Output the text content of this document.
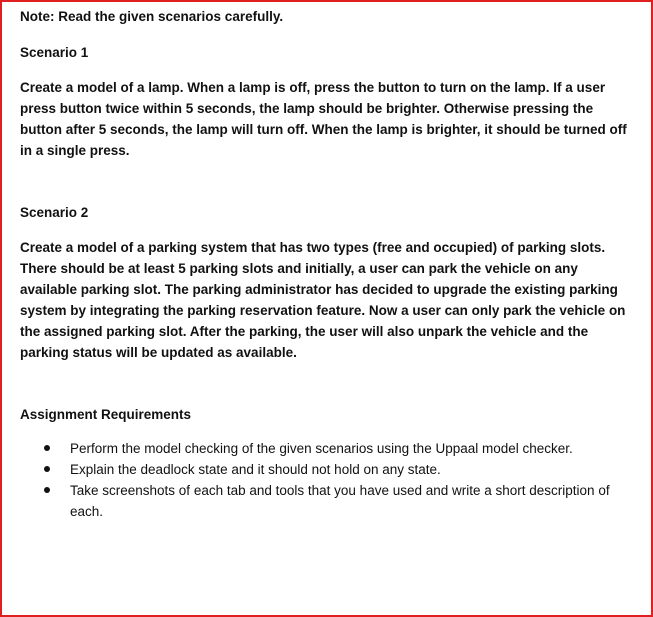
Note: Read the given scenarios carefully.

Scenario 1

Create a model of a lamp. When a lamp is off, press the button to turn on the lamp. If a user press button twice within 5 seconds, the lamp should be brighter. Otherwise pressing the button after 5 seconds, the lamp will turn off. When the lamp is brighter, it should be turned off in a single press.

Scenario 2

Create a model of a parking system that has two types (free and occupied) of parking slots. There should be at least 5 parking slots and initially, a user can park the vehicle on any available parking slot. The parking administrator has decided to upgrade the existing parking system by integrating the parking reservation feature. Now a user can only park the vehicle on the assigned parking slot. After the parking, the user will also unpark the vehicle and the parking status will be updated as available.

Assignment Requirements

Perform the model checking of the given scenarios using the Uppaal model checker.
Explain the deadlock state and it should not hold on any state.
Take screenshots of each tab and tools that you have used and write a short description of each.
